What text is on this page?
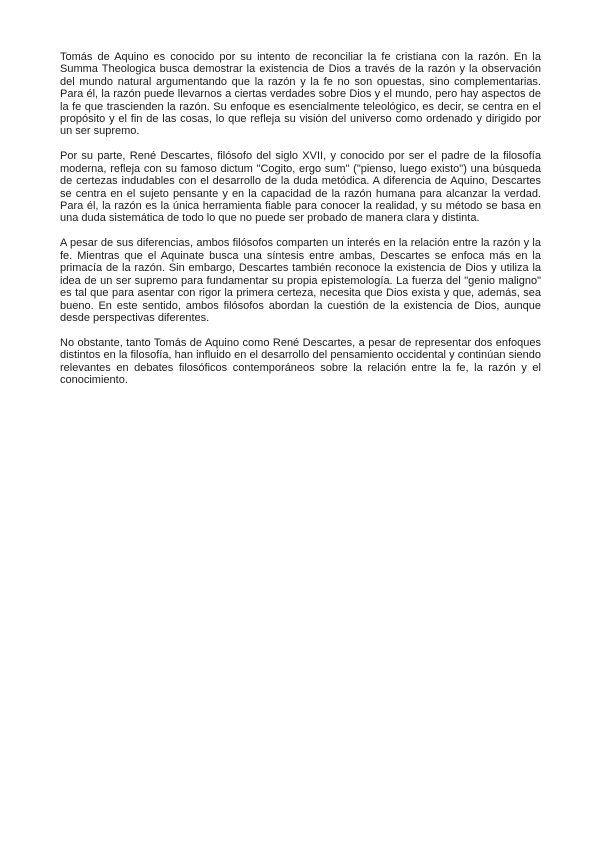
Tomás de Aquino es conocido por su intento de reconciliar la fe cristiana con la razón. En la Summa Theologica busca demostrar la existencia de Dios a través de la razón y la observación del mundo natural argumentando que la razón y la fe no son opuestas, sino complementarias. Para él, la razón puede llevarnos a ciertas verdades sobre Dios y el mundo, pero hay aspectos de la fe que trascienden la razón. Su enfoque es esencialmente teleológico, es decir, se centra en el propósito y el fin de las cosas, lo que refleja su visión del universo como ordenado y dirigido por un ser supremo.

Por su parte, René Descartes, filósofo del siglo XVII, y conocido por ser el padre de la filosofía moderna, refleja con su famoso dictum "Cogito, ergo sum" ("pienso, luego existo") una búsqueda de certezas indudables con el desarrollo de la duda metódica. A diferencia de Aquino, Descartes se centra en el sujeto pensante y en la capacidad de la razón humana para alcanzar la verdad. Para él, la razón es la única herramienta fiable para conocer la realidad, y su método se basa en una duda sistemática de todo lo que no puede ser probado de manera clara y distinta.

A pesar de sus diferencias, ambos filósofos comparten un interés en la relación entre la razón y la fe. Mientras que el Aquinate busca una síntesis entre ambas, Descartes se enfoca más en la primacía de la razón. Sin embargo, Descartes también reconoce la existencia de Dios y utiliza la idea de un ser supremo para fundamentar su propia epistemología. La fuerza del "genio maligno" es tal que para asentar con rigor la primera certeza, necesita que Dios exista y que, además, sea bueno. En este sentido, ambos filósofos abordan la cuestión de la existencia de Dios, aunque desde perspectivas diferentes.

No obstante, tanto Tomás de Aquino como René Descartes, a pesar de representar dos enfoques distintos en la filosofía, han influido en el desarrollo del pensamiento occidental y continúan siendo relevantes en debates filosóficos contemporáneos sobre la relación entre la fe, la razón y el conocimiento.
